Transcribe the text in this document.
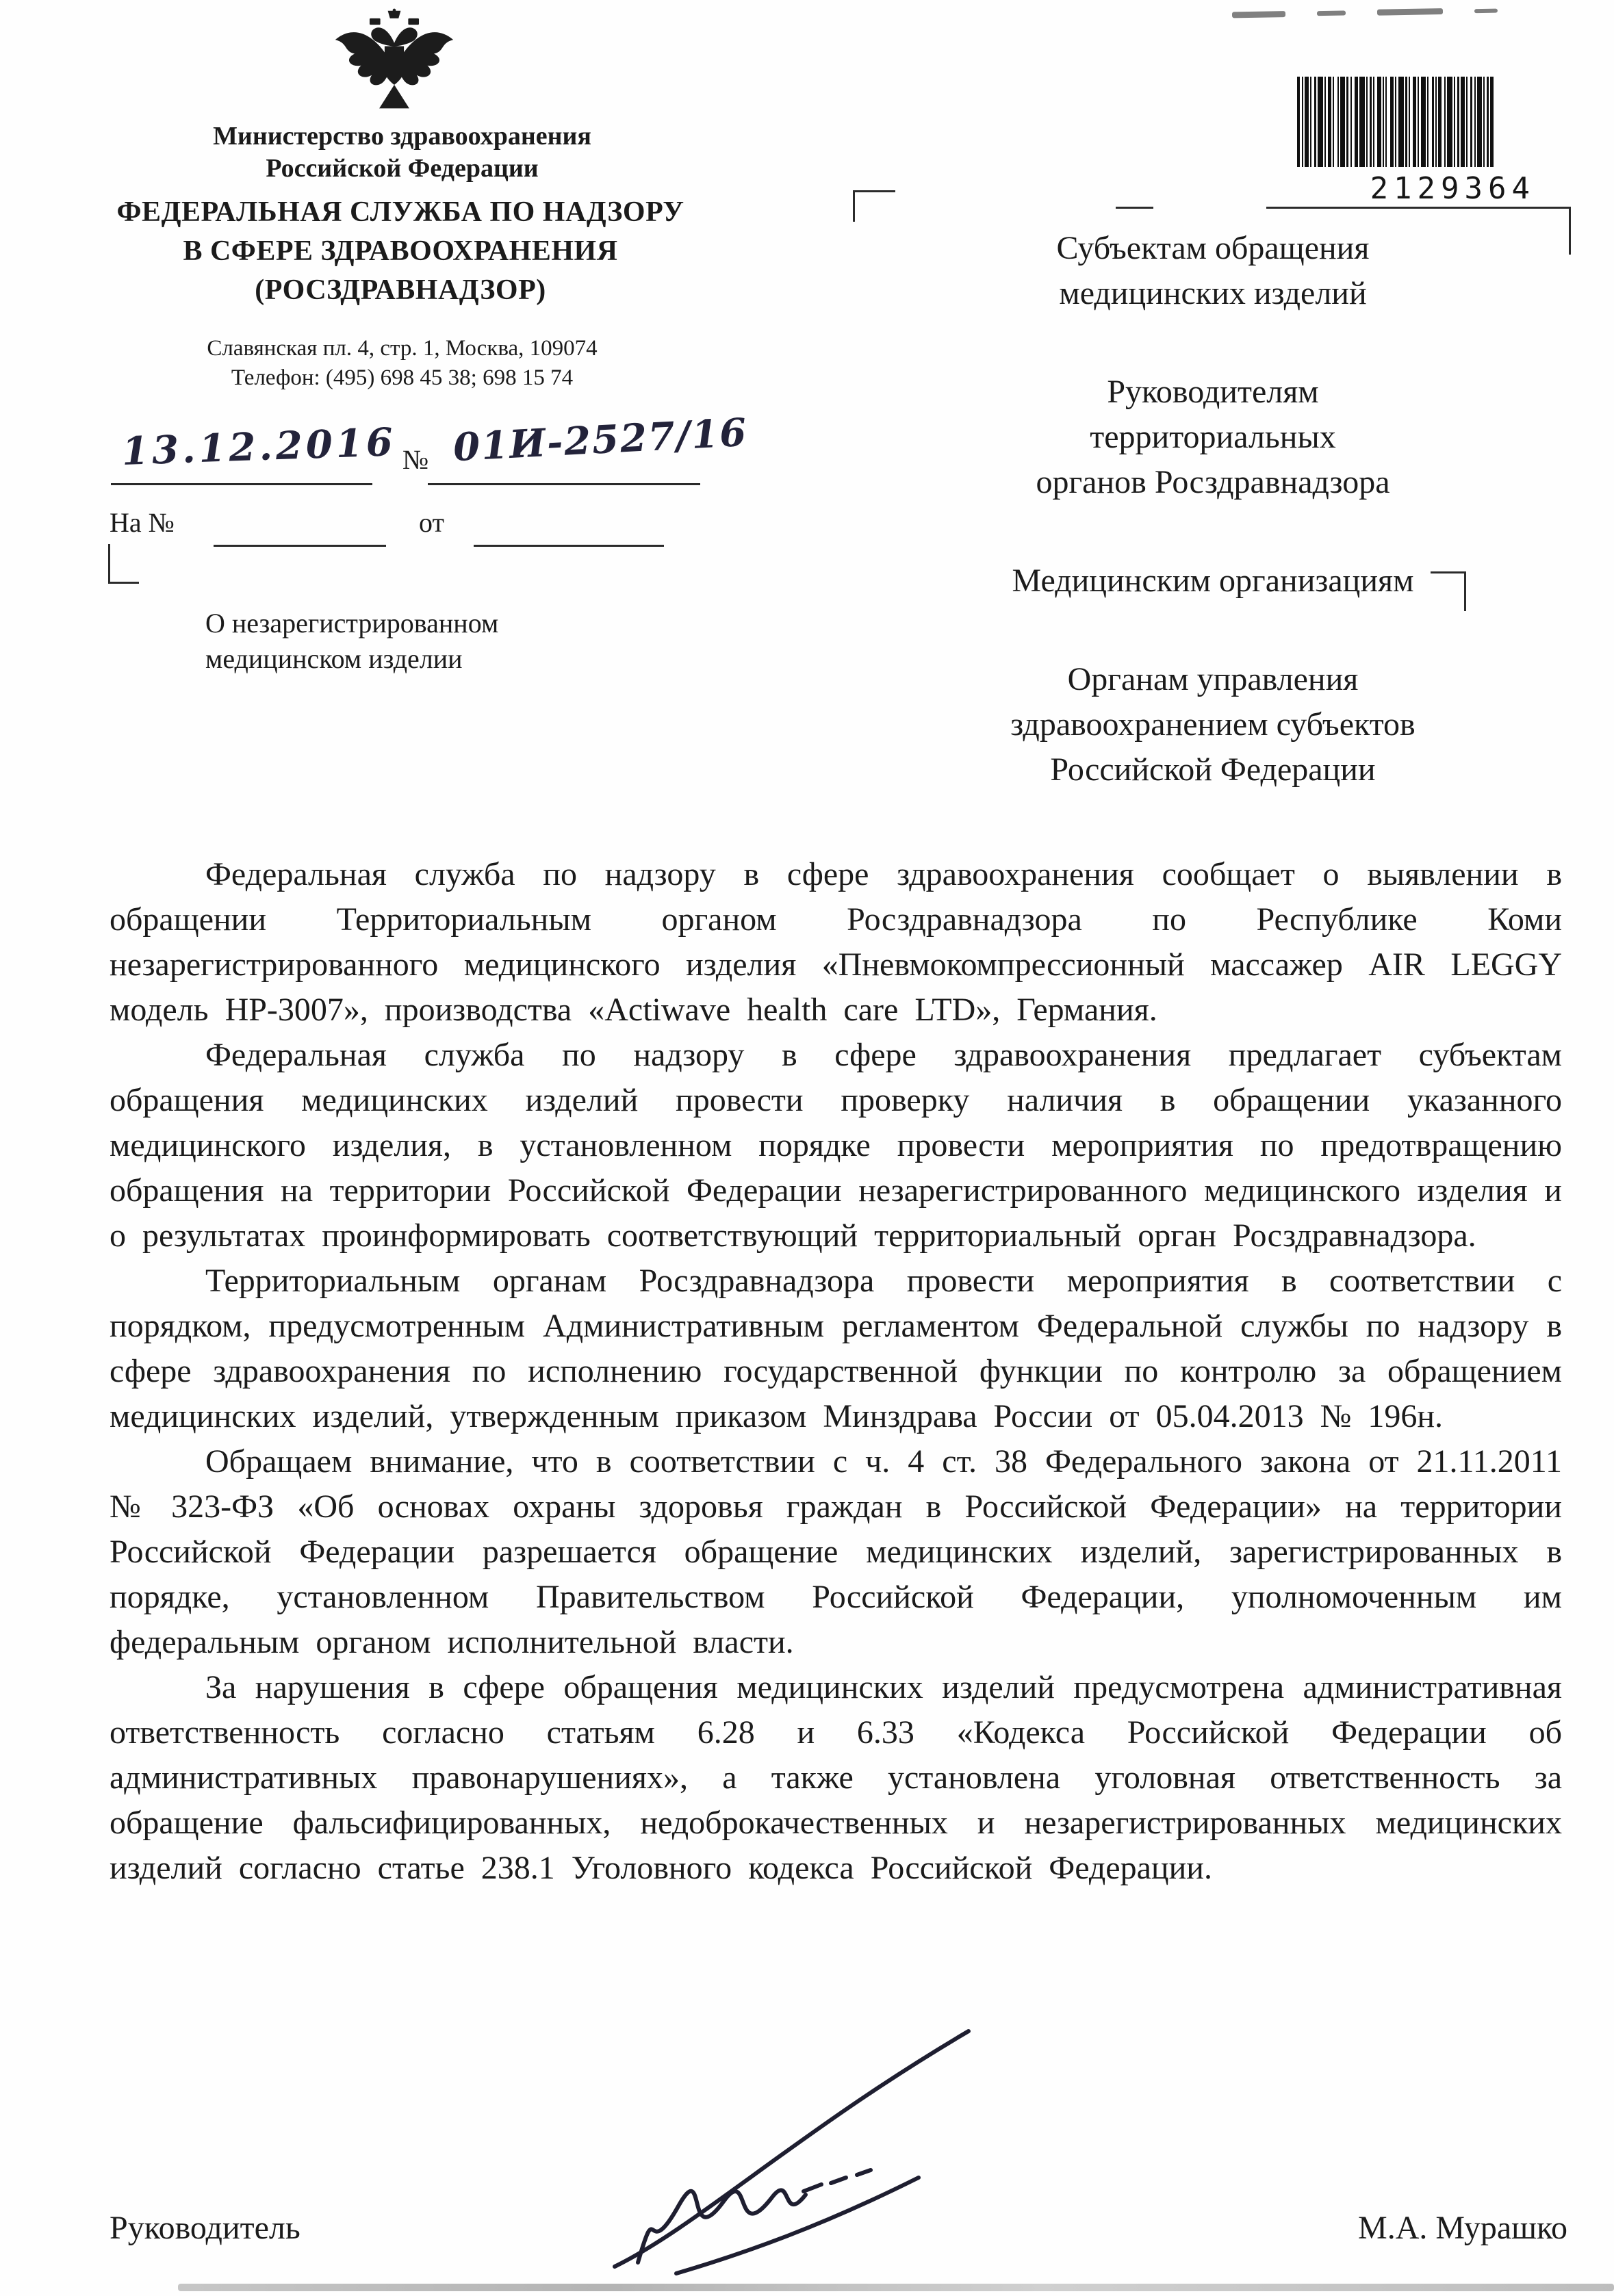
Министерство здравоохранения
Российской Федерации
ФЕДЕРАЛЬНАЯ СЛУЖБА ПО НАДЗОРУ
В СФЕРЕ ЗДРАВООХРАНЕНИЯ
(РОСЗДРАВНАДЗОР)
Славянская пл. 4, стр. 1, Москва, 109074
Телефон: (495) 698 45 38; 698 15 74
13.12.2016 № 01И-2527/16
На №	от
О незарегистрированном
медицинском изделии
2129364
Субъектам обращения
медицинских изделий
Руководителям
территориальных
органов Росздравнадзора
Медицинским организациям
Органам управления
здравоохранением субъектов
Российской Федерации

Федеральная служба по надзору в сфере здравоохранения сообщает о выявлении в обращении Территориальным органом Росздравнадзора по Республике Коми незарегистрированного медицинского изделия «Пневмокомпрессионный массажер AIR LEGGY модель HP-3007», производства «Actiwave health care LTD», Германия.

Федеральная служба по надзору в сфере здравоохранения предлагает субъектам обращения медицинских изделий провести проверку наличия в обращении указанного медицинского изделия, в установленном порядке провести мероприятия по предотвращению обращения на территории Российской Федерации незарегистрированного медицинского изделия и о результатах проинформировать соответствующий территориальный орган Росздравнадзора.

Территориальным органам Росздравнадзора провести мероприятия в соответствии с порядком, предусмотренным Административным регламентом Федеральной службы по надзору в сфере здравоохранения по исполнению государственной функции по контролю за обращением медицинских изделий, утвержденным приказом Минздрава России от 05.04.2013 № 196н.

Обращаем внимание, что в соответствии с ч. 4 ст. 38 Федерального закона от 21.11.2011 № 323-ФЗ «Об основах охраны здоровья граждан в Российской Федерации» на территории Российской Федерации разрешается обращение медицинских изделий, зарегистрированных в порядке, установленном Правительством Российской Федерации, уполномоченным им федеральным органом исполнительной власти.

За нарушения в сфере обращения медицинских изделий предусмотрена административная ответственность согласно статьям 6.28 и 6.33 «Кодекса Российской Федерации об административных правонарушениях», а также установлена уголовная ответственность за обращение фальсифицированных, недоброкачественных и незарегистрированных медицинских изделий согласно статье 238.1 Уголовного кодекса Российской Федерации.

Руководитель	М.А. Мурашко
